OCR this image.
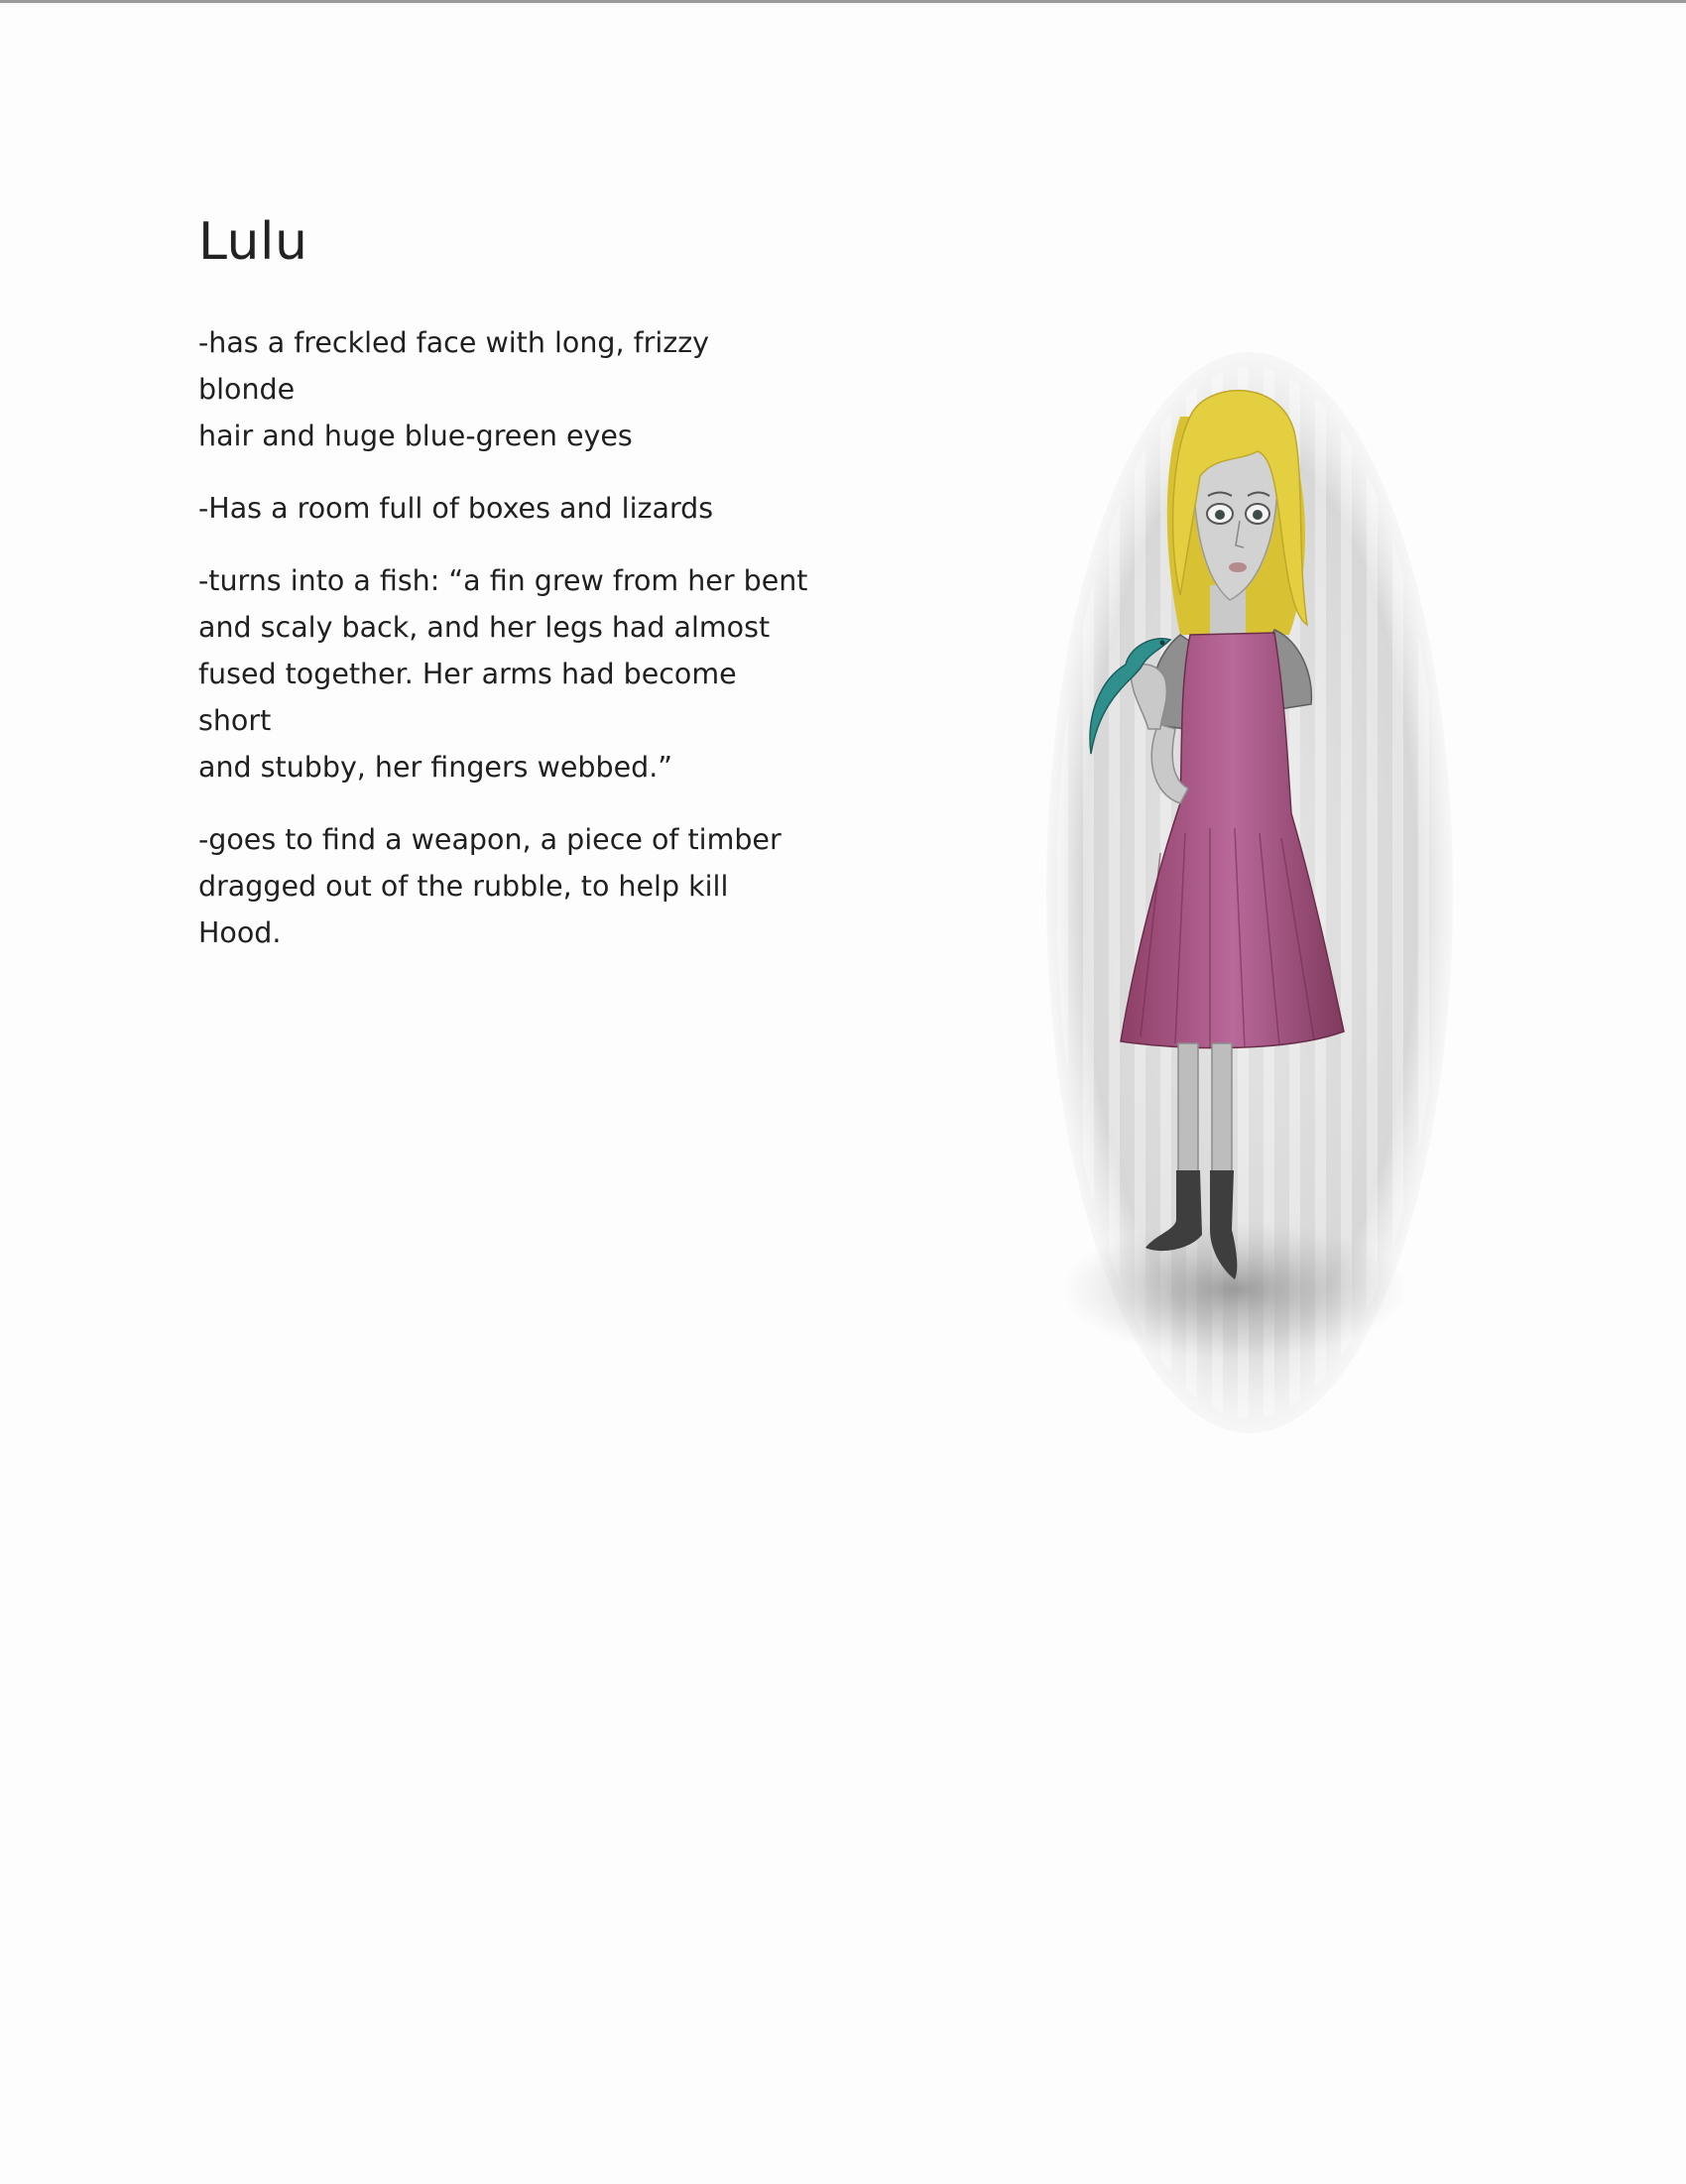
Lulu

-has a freckled face with long, frizzy blonde
hair and huge blue-green eyes

-Has a room full of boxes and lizards

-turns into a fish: “a fin grew from her bent
and scaly back, and her legs had almost
fused together. Her arms had become short
and stubby, her fingers webbed.”

-goes to find a weapon, a piece of timber
dragged out of the rubble, to help kill Hood.
